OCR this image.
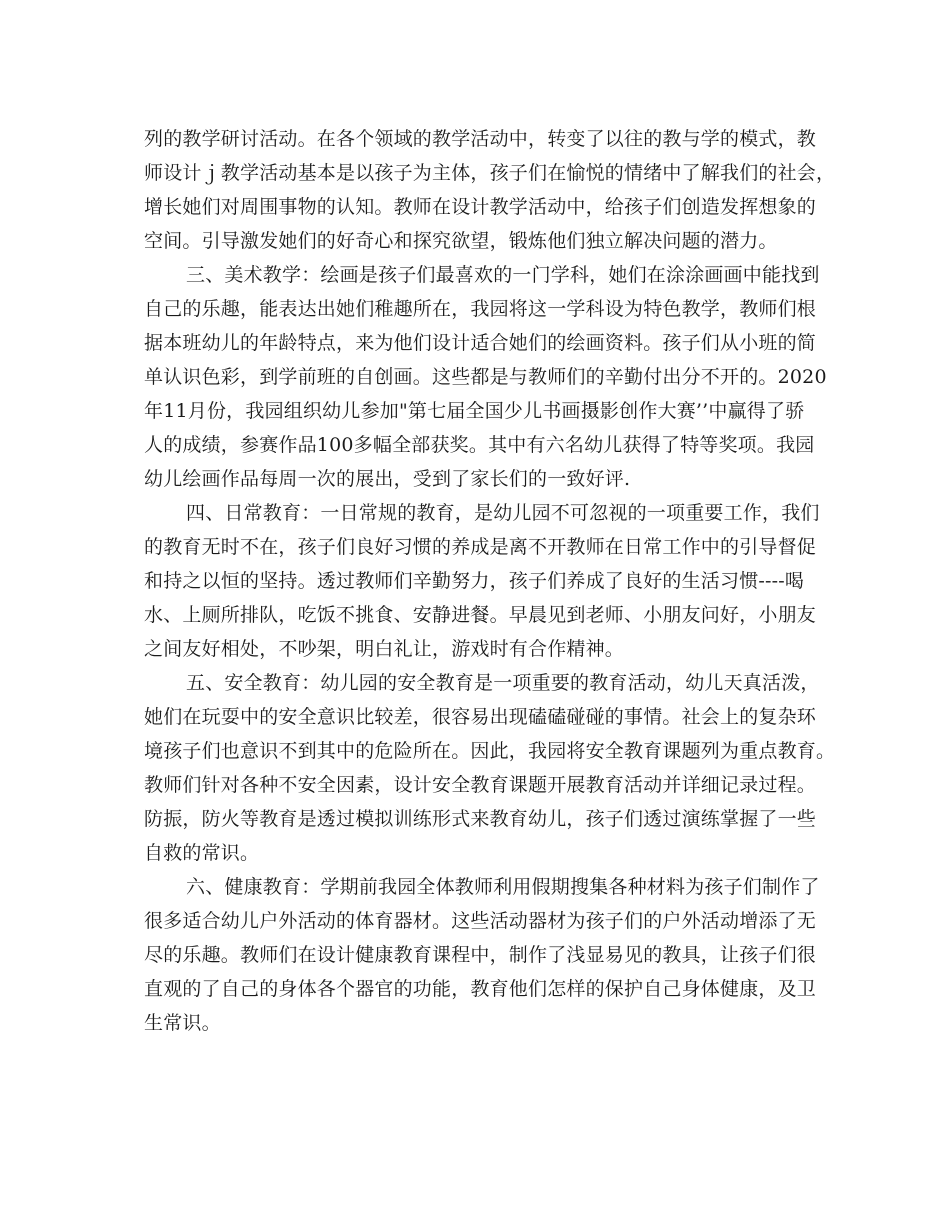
列的教学研讨活动。在各个领域的教学活动中，转变了以往的教与学的模式，教
师设计ｊ教学活动基本是以孩子为主体，孩子们在愉悦的情绪中了解我们的社会，
增长她们对周围事物的认知。教师在设计教学活动中，给孩子们创造发挥想象的
空间。引导激发她们的好奇心和探究欲望，锻炼他们独立解决问题的潜力。
三、美术教学：绘画是孩子们最喜欢的一门学科，她们在涂涂画画中能找到
自己的乐趣，能表达出她们稚趣所在，我园将这一学科设为特色教学，教师们根
据本班幼儿的年龄特点，来为他们设计适合她们的绘画资料。孩子们从小班的简
单认识色彩，到学前班的自创画。这些都是与教师们的辛勤付出分不开的。2020
年11月份，我园组织幼儿参加"第七届全国少儿书画摄影创作大赛’’中赢得了骄
人的成绩，参赛作品100多幅全部获奖。其中有六名幼儿获得了特等奖项。我园
幼儿绘画作品每周一次的展出，受到了家长们的一致好评.
四、日常教育：一日常规的教育，是幼儿园不可忽视的一项重要工作，我们
的教育无时不在，孩子们良好习惯的养成是离不开教师在日常工作中的引导督促
和持之以恒的坚持。透过教师们辛勤努力，孩子们养成了良好的生活习惯----喝
水、上厕所排队，吃饭不挑食、安静进餐。早晨见到老师、小朋友问好，小朋友
之间友好相处，不吵架，明白礼让，游戏时有合作精神。
五、安全教育：幼儿园的安全教育是一项重要的教育活动，幼儿天真活泼，
她们在玩耍中的安全意识比较差，很容易出现磕磕碰碰的事情。社会上的复杂环
境孩子们也意识不到其中的危险所在。因此，我园将安全教育课题列为重点教育。
教师们针对各种不安全因素，设计安全教育课题开展教育活动并详细记录过程。
防振，防火等教育是透过模拟训练形式来教育幼儿，孩子们透过演练掌握了一些
自救的常识。
六、健康教育：学期前我园全体教师利用假期搜集各种材料为孩子们制作了
很多适合幼儿户外活动的体育器材。这些活动器材为孩子们的户外活动增添了无
尽的乐趣。教师们在设计健康教育课程中，制作了浅显易见的教具，让孩子们很
直观的了自己的身体各个器官的功能，教育他们怎样的保护自己身体健康，及卫
生常识。
